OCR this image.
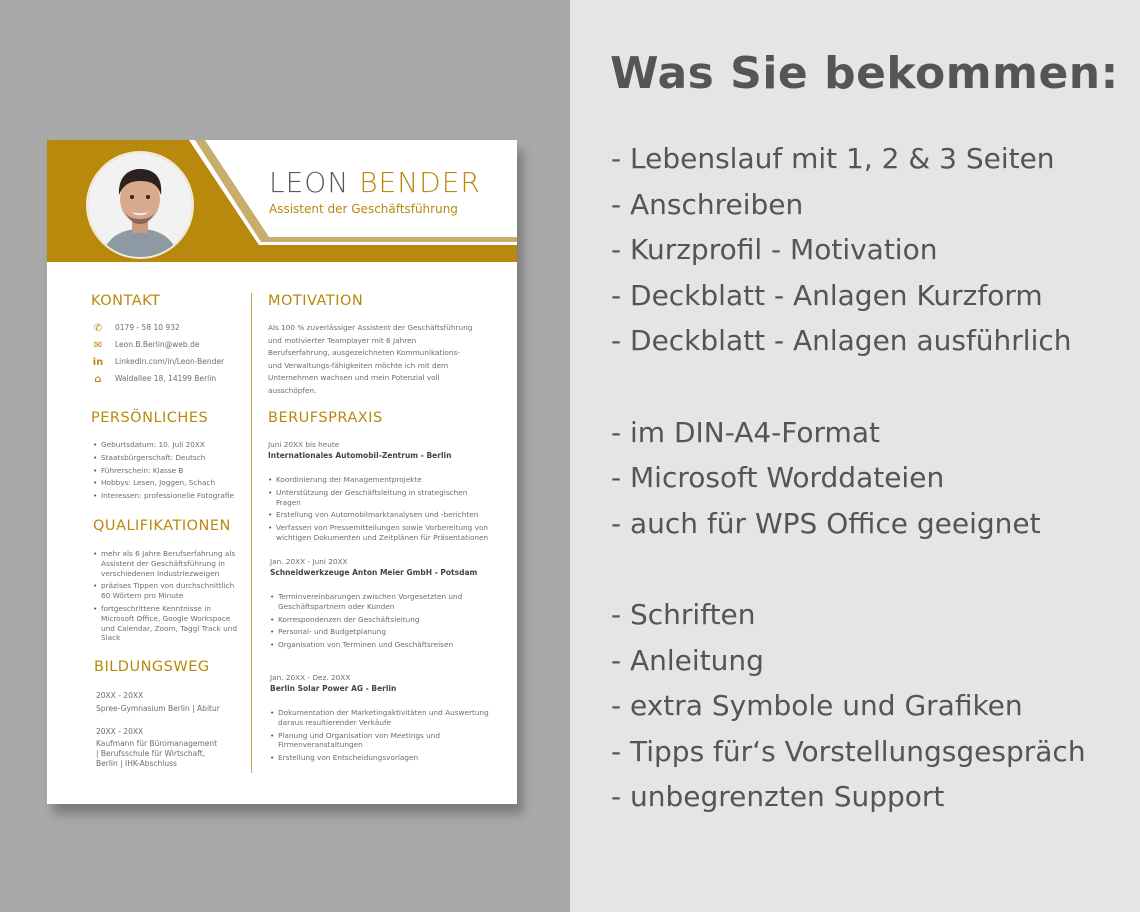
LEON BENDER
Assistent der Geschäftsführung
KONTAKT
✆	0179 - 58 10 932
✉	Leon.B.Berlin@web.de
in LinkedIn.com/in/Leon-Bender
⌂	Waldallee 18, 14199 Berlin
PERSÖNLICHES
• Geburtsdatum: 10. Juli 20XX
• Staatsbürgerschaft: Deutsch
• Führerschein: Klasse B
• Hobbys: Lesen, Joggen, Schach
• Interessen: professionelle Fotografie
QUALIFIKATIONEN
• mehr als 6 Jahre Berufserfahrung als Assistent der Geschäftsführung in verschiedenen Industriezweigen
• präzises Tippen von durchschnittlich 60 Wörtern pro Minute
• fortgeschrittene Kenntnisse in Microsoft Office, Google Workspace und Calendar, Zoom, Taggl Track und Slack
BILDUNGSWEG
20XX - 20XX
Spree-Gymnasium Berlin | Abitur
20XX - 20XX
Kaufmann für Büromanagement | Berufsschule für Wirtschaft, Berlin | IHK-Abschluss
MOTIVATION
Als 100 % zuverlässiger Assistent der Geschäftsführung und motivierter Teamplayer mit 6 Jahren Berufserfahrung, ausgezeichneten Kommunikations- und Verwaltungs-fähigkeiten möchte ich mit dem Unternehmen wachsen und mein Potenzial voll ausschöpfen.
BERUFSPRAXIS
Juni 20XX bis heute
Internationales Automobil-Zentrum - Berlin
• Koordinierung der Managementprojekte
• Unterstützung der Geschäftsleitung in strategischen Fragen
• Erstellung von Automobilmarktanalysen und -berichten
• Verfassen von Pressemitteilungen sowie Vorbereitung von wichtigen Dokumenten und Zeitplänen für Präsentationen
Jan. 20XX - Juni 20XX
Schneidwerkzeuge Anton Meier GmbH - Potsdam
• Terminvereinbarungen zwischen Vorgesetzten und Geschäftspartnern oder Kunden
• Korrespondenzen der Geschäftsleitung
• Personal- und Budgetplanung
• Organisation von Terminen und Geschäftsreisen
Jan. 20XX - Dez. 20XX
Berlin Solar Power AG - Berlin
• Dokumentation der Marketingaktivitäten und Auswertung daraus resultierender Verkäufe
• Planung und Organisation von Meetings und Firmenveranstaltungen
• Erstellung von Entscheidungsvorlagen
Was Sie bekommen:
- Lebenslauf mit 1, 2 & 3 Seiten
- Anschreiben
- Kurzprofil - Motivation
- Deckblatt - Anlagen Kurzform
- Deckblatt - Anlagen ausführlich
- im DIN-A4-Format
- Microsoft Worddateien
- auch für WPS Office geeignet
- Schriften
- Anleitung
- extra Symbole und Grafiken
- Tipps für‘s Vorstellungsgespräch
- unbegrenzten Support
